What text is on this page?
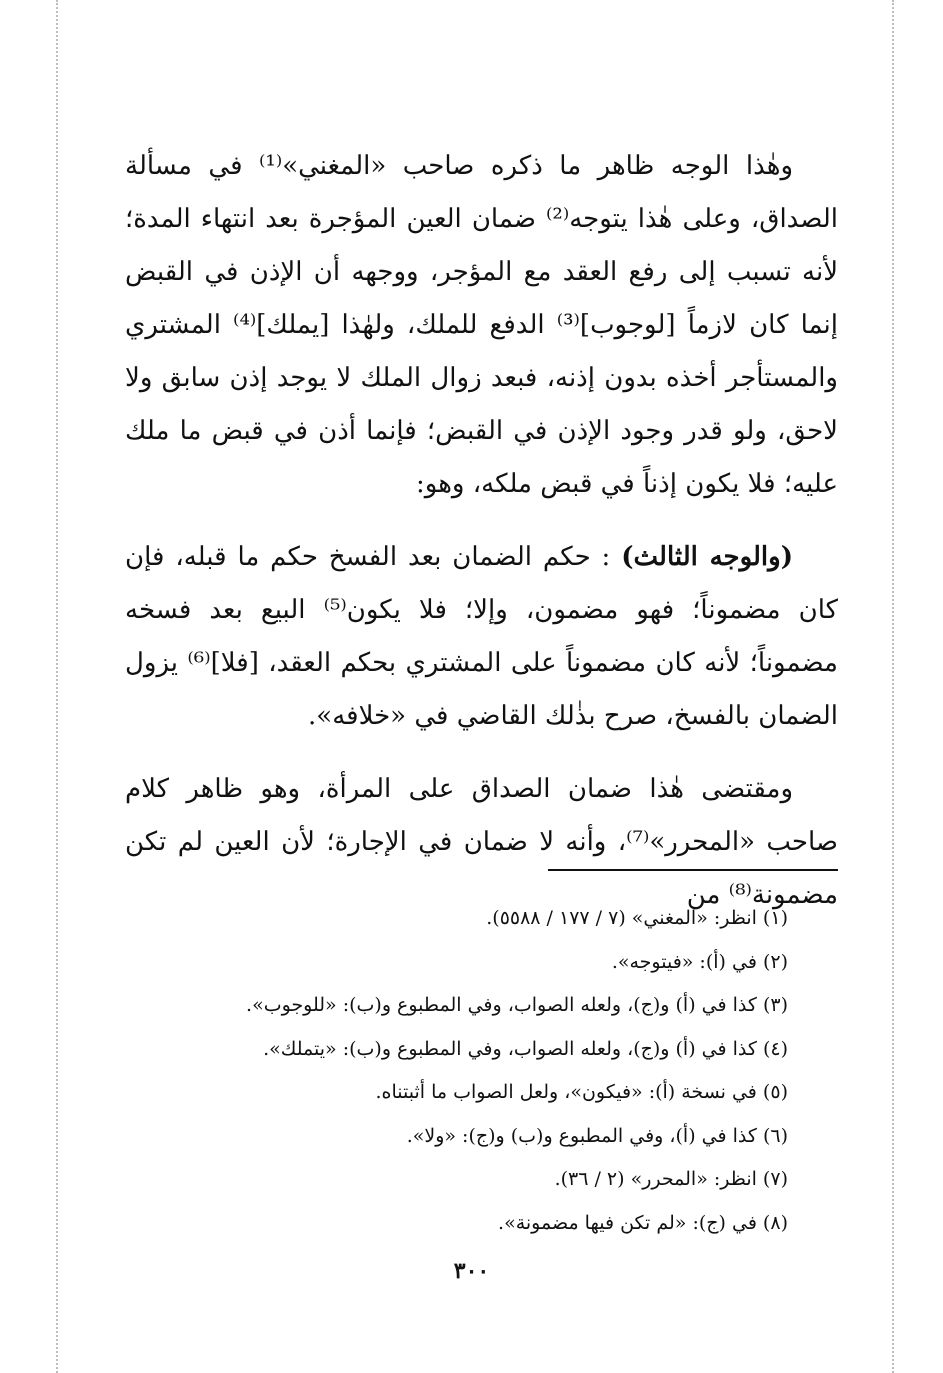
وهٰذا الوجه ظاهر ما ذكره صاحب «المغني»⁽¹⁾ في مسألة الصداق، وعلى هٰذا يتوجه⁽²⁾ ضمان العين المؤجرة بعد انتهاء المدة؛ لأنه تسبب إلى رفع العقد مع المؤجر، ووجهه أن الإذن في القبض إنما كان لازماً [لوجوب]⁽³⁾ الدفع للملك، ولهٰذا [يملك]⁽⁴⁾ المشتري والمستأجر أخذه بدون إذنه، فبعد زوال الملك لا يوجد إذن سابق ولا لاحق، ولو قدر وجود الإذن في القبض؛ فإنما أذن في قبض ما ملك عليه؛ فلا يكون إذناً في قبض ملكه، وهو:

(والوجه الثالث) : حكم الضمان بعد الفسخ حكم ما قبله، فإن كان مضموناً؛ فهو مضمون، وإلا؛ فلا يكون⁽⁵⁾ البيع بعد فسخه مضموناً؛ لأنه كان مضموناً على المشتري بحكم العقد، [فلا]⁽⁶⁾ يزول الضمان بالفسخ، صرح بذٰلك القاضي في «خلافه».

ومقتضى هٰذا ضمان الصداق على المرأة، وهو ظاهر كلام صاحب «المحرر»⁽⁷⁾، وأنه لا ضمان في الإجارة؛ لأن العين لم تكن مضمونة⁽⁸⁾ من

(١) انظر: «المغني» (٧ / ١٧٧ / ٥٥٨٨).
(٢) في (أ): «فيتوجه».
(٣) كذا في (أ) و(ج)، ولعله الصواب، وفي المطبوع و(ب): «للوجوب».
(٤) كذا في (أ) و(ج)، ولعله الصواب، وفي المطبوع و(ب): «يتملك».
(٥) في نسخة (أ): «فيكون»، ولعل الصواب ما أثبتناه.
(٦) كذا في (أ)، وفي المطبوع و(ب) و(ج): «ولا».
(٧) انظر: «المحرر» (٢ / ٣٦).
(٨) في (ج): «لم تكن فيها مضمونة».
٣٠٠
